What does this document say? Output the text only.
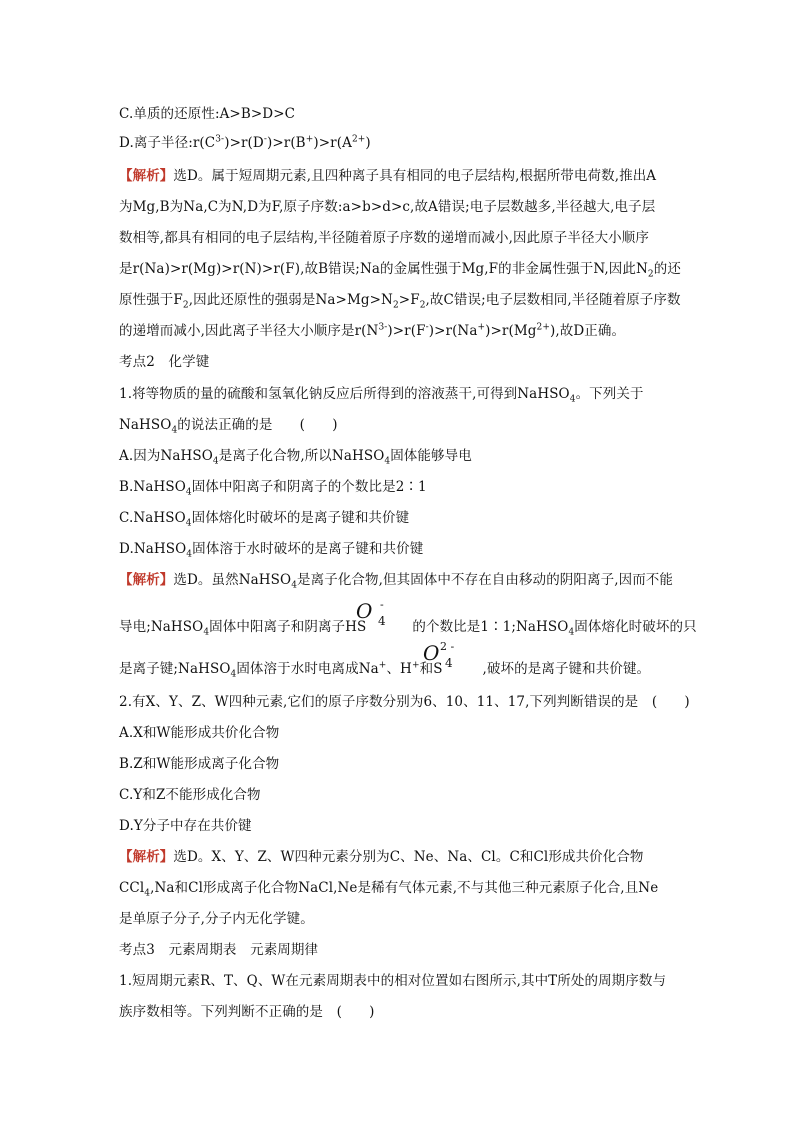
C.单质的还原性:A>B>D>C
D.离子半径$:r(C^{3-})>r(D^-)>r(B^+)>r(A^{2+})$
【解析】选D。属于短周期元素,且四种离子具有相同的电子层结构,根据所带电荷数,推出A
为Mg,B为Na,C为N,D为F,原子序数:a>b>d>c,故A错误;电子层数越多,半径越大,电子层
数相等,都具有相同的电子层结构,半径随着原子序数的递增而减小,因此原子半径大小顺序
是r(Na)>r(Mg)>r(N)>r(F),故B错误;Na的金属性强于Mg,F的非金属性强于N,因此$N_2$的还
原性强于$F_2$,因此还原性的强弱是$Na>Mg>N_2>F_2$,故C错误;电子层数相同,半径随着原子序数
的递增而减小,因此离子半径大小顺序是$r(N^{3-})>r(F^-)>r(Na^+)>r(Mg^{2+})$,故D正确。
考点2　化学键
1.将等物质的量的硫酸和氢氧化钠反应后所得到的溶液蒸干,可得到NaHSO$_4$。下列关于
NaHSO$_4$的说法正确的是　　(　　)
A.因为NaHSO$_4$是离子化合物,所以NaHSO$_4$固体能够导电
B.NaHSO$_4$固体中阳离子和阴离子的个数比是2∶1
C.NaHSO$_4$固体熔化时破坏的是离子键和共价键
D.NaHSO$_4$固体溶于水时破坏的是离子键和共价键
【解析】选D。虽然NaHSO$_4$是离子化合物,但其固体中不存在自由移动的阴阳离子,因而不能
导电;NaHSO$_4$固体中阳离子和阴离子HS	的个数比是1∶1;NaHSO$_4$固体熔化时破坏的只
O -
4
是离子键;NaHSO$_4$固体溶于水时电离成Na+、H+和S	,破坏的是离子键和共价键。
O 2 -
4
2.有X、Y、Z、W四种元素,它们的原子序数分别为6、10、11、17,下列判断错误的是　(　　)
A.X和W能形成共价化合物
B.Z和W能形成离子化合物
C.Y和Z不能形成化合物
D.Y分子中存在共价键
【解析】选D。X、Y、Z、W四种元素分别为C、Ne、Na、Cl。C和Cl形成共价化合物
CCl$_4$,Na和Cl形成离子化合物NaCl,Ne是稀有气体元素,不与其他三种元素原子化合,且Ne
是单原子分子,分子内无化学键。
考点3　元素周期表　元素周期律
1.短周期元素R、T、Q、W在元素周期表中的相对位置如右图所示,其中T所处的周期序数与
族序数相等。下列判断不正确的是　(　　)
